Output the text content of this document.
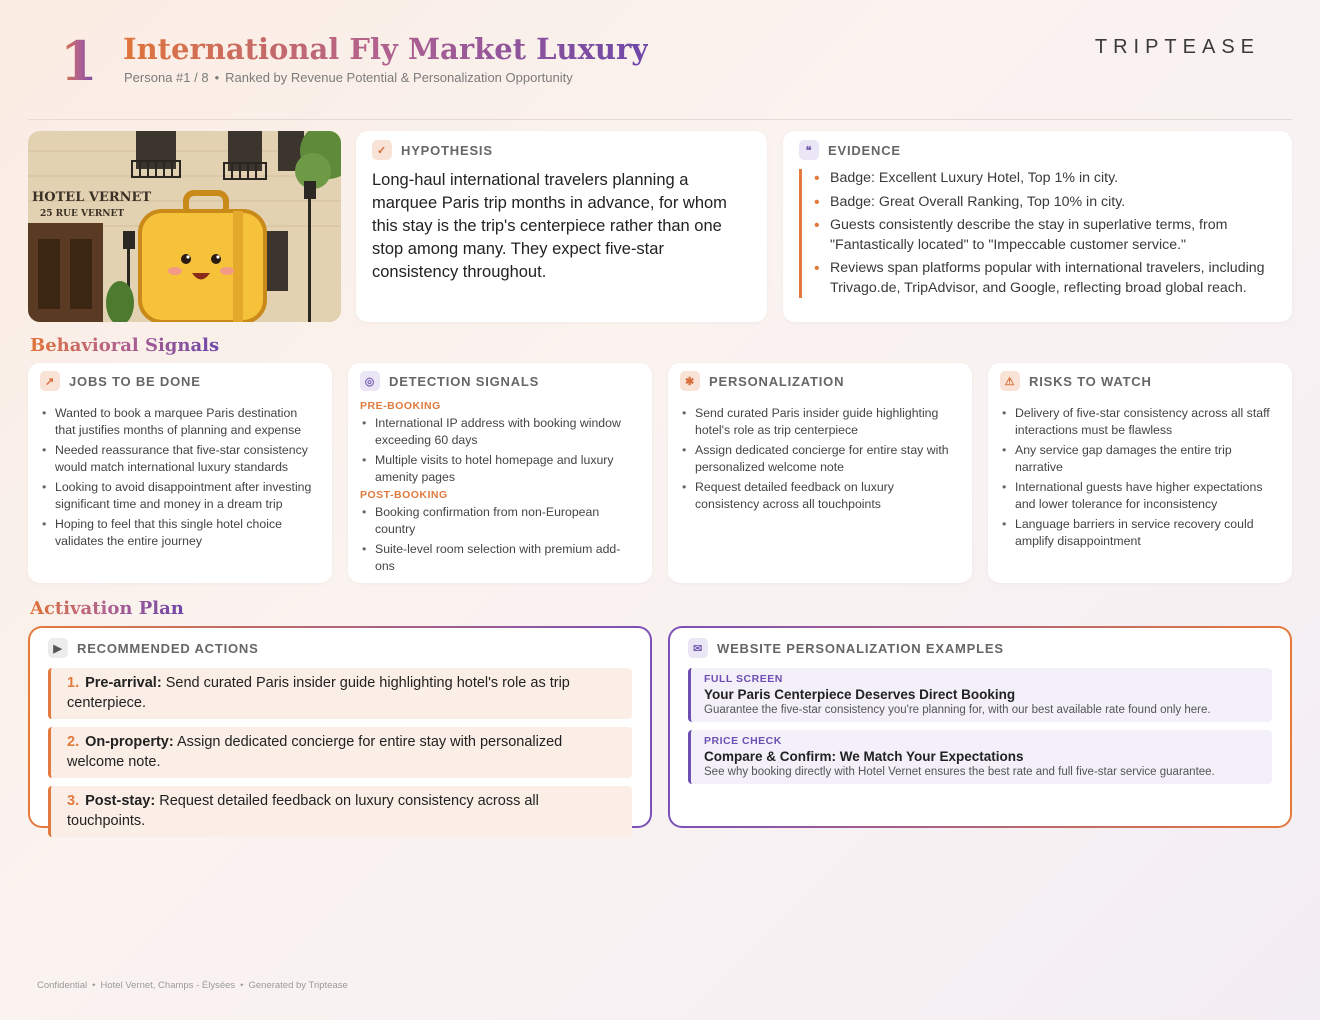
1 International Fly Market Luxury
Persona #1 / 8 • Ranked by Revenue Potential & Personalization Opportunity
TRIPTEASE
HOTEL VERNET
25 RUE VERNET
✓	HYPOTHESIS
Long-haul international travelers planning a marquee Paris trip months in advance, for whom this stay is the trip's centerpiece rather than one stop among many. They expect five-star consistency throughout.
❝	EVIDENCE
• Badge: Excellent Luxury Hotel, Top 1% in city.
• Badge: Great Overall Ranking, Top 10% in city.
• Guests consistently describe the stay in superlative terms, from "Fantastically located" to "Impeccable customer service."
• Reviews span platforms popular with international travelers, including Trivago.de, TripAdvisor, and Google, reflecting broad global reach.
Behavioral Signals
↗	JOBS TO BE DONE
• Wanted to book a marquee Paris destination that justifies months of planning and expense
• Needed reassurance that five-star consistency would match international luxury standards
• Looking to avoid disappointment after investing significant time and money in a dream trip
• Hoping to feel that this single hotel choice validates the entire journey
◎	DETECTION SIGNALS
PRE-BOOKING
• International IP address with booking window exceeding 60 days
• Multiple visits to hotel homepage and luxury amenity pages
POST-BOOKING
• Booking confirmation from non-European country
• Suite-level room selection with premium add-ons
✱	PERSONALIZATION
• Send curated Paris insider guide highlighting hotel's role as trip centerpiece
• Assign dedicated concierge for entire stay with personalized welcome note
• Request detailed feedback on luxury consistency across all touchpoints
⚠	RISKS TO WATCH
• Delivery of five-star consistency across all staff interactions must be flawless
• Any service gap damages the entire trip narrative
• International guests have higher expectations and lower tolerance for inconsistency
• Language barriers in service recovery could amplify disappointment
Activation Plan
▶	RECOMMENDED ACTIONS
1. Pre-arrival: Send curated Paris insider guide highlighting hotel's role as trip centerpiece.
2. On-property: Assign dedicated concierge for entire stay with personalized welcome note.
3. Post-stay: Request detailed feedback on luxury consistency across all touchpoints.
✉	WEBSITE PERSONALIZATION EXAMPLES
FULL SCREEN
Your Paris Centerpiece Deserves Direct Booking
Guarantee the five-star consistency you're planning for, with our best available rate found only here.
PRICE CHECK
Compare & Confirm: We Match Your Expectations
See why booking directly with Hotel Vernet ensures the best rate and full five-star service guarantee.
Confidential • Hotel Vernet, Champs - Élysées • Generated by Triptease
